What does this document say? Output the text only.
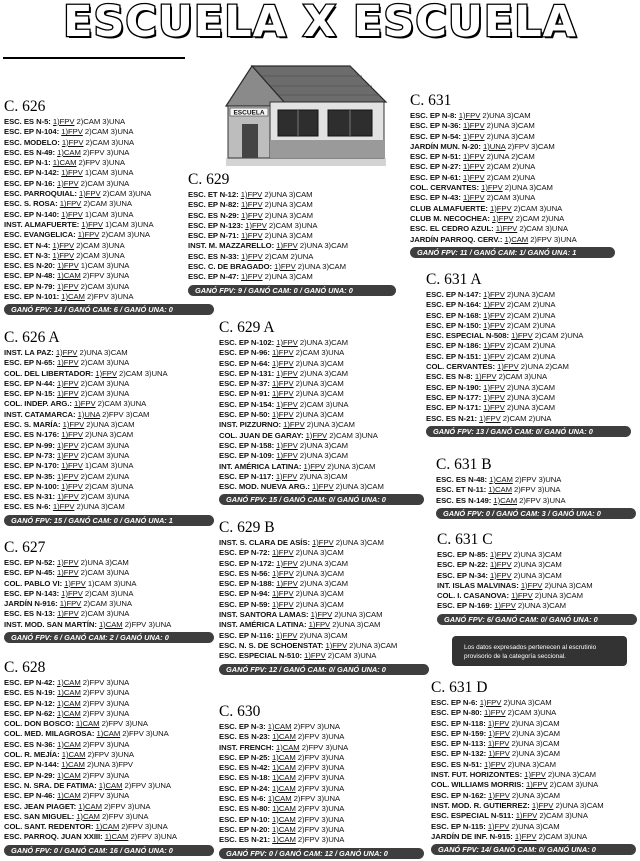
ESCUELA X ESCUELA
ESCUELA
Los datos expresados pertenecen al escrutinio provisorio de la categoría seccional.
C. 626
ESC. ES N-5: 1)FPV 2)CAM 3)UNA
ESC. EP N-104: 1)FPV 2)CAM 3)UNA
ESC. MODELO: 1)FPV 2)CAM 3)UNA
ESC. ES N-49: 1)CAM 2)FPV 3)UNA
ESC. EP N-1: 1)CAM 2)FPV 3)UNA
ESC. EP N-142: 1)FPV 1)CAM 3)UNA
ESC. EP N-16: 1)FPV 2)CAM 3)UNA
ESC. PARROQUIAL: 1)FPV 2)CAM 3)UNA
ESC. S. ROSA: 1)FPV 2)CAM 3)UNA
ESC. EP N-140: 1)FPV 1)CAM 3)UNA
INST. ALMAFUERTE: 1)FPV 1)CAM 3)UNA
ESC. EVANGELICA: 1)FPV 2)CAM 3)UNA
ESC. ET N-4: 1)FPV 2)CAM 3)UNA
ESC. ET N-3: 1)FPV 2)CAM 3)UNA
ESC. ES N-20: 1)FPV 1)CAM 3)UNA
ESC. EP N-48: 1)CAM 2)FPV 3)UNA
ESC. EP N-79: 1)FPV 2)CAM 3)UNA
ESC. EP N-101: 1)CAM 2)FPV 3)UNA
GANÓ FPV: 14 / GANÓ CAM: 6 / GANÓ UNA: 0
C. 626 A
INST. LA PAZ: 1)FPV 2)UNA 3)CAM
ESC. EP N-65: 1)FPV 2)CAM 3)UNA
COL. DEL LIBERTADOR: 1)FPV 2)CAM 3)UNA
ESC. EP N-44: 1)FPV 2)CAM 3)UNA
ESC. EP N-15: 1)FPV 2)CAM 3)UNA
COL. INDEP. ARG.: 1)FPV 2)CAM 3)UNA
INST. CATAMARCA: 1)UNA 2)FPV 3)CAM
ESC. S. MARÍA: 1)FPV 2)UNA 3)CAM
ESC. ES N-176: 1)FPV 2)UNA 3)CAM
ESC. EP N-99: 1)FPV 2)CAM 3)UNA
ESC. EP N-73: 1)FPV 2)CAM 3)UNA
ESC. EP N-170: 1)FPV 1)CAM 3)UNA
ESC. EP N-35: 1)FPV 2)CAM 2)UNA
ESC. EP N-100: 1)FPV 2)CAM 3)UNA
ESC. ES N-31: 1)FPV 2)CAM 3)UNA
ESC. ES N-6: 1)FPV 2)UNA 3)CAM
GANÓ FPV: 15 / GANÓ CAM: 0 / GANÓ UNA: 1
C. 627
ESC. EP N-52: 1)FPV 2)UNA 3)CAM
ESC. EP N-45: 1)FPV 2)CAM 3)UNA
COL. PABLO VI: 1)FPV 1)CAM 3)UNA
ESC. EP N-143: 1)FPV 2)CAM 3)UNA
JARDÍN N-916: 1)FPV 2)CAM 3)UNA
ESC. ES N-13: 1)FPV 2)CAM 3)UNA
INST. MOD. SAN MARTÍN: 1)CAM 2)FPV 3)UNA
GANÓ FPV: 6 / GANÓ CAM: 2 / GANÓ UNA: 0
C. 628
ESC. EP N-42: 1)CAM 2)FPV 3)UNA
ESC. ES N-19: 1)CAM 2)FPV 3)UNA
ESC. EP N-12: 1)CAM 2)FPV 3)UNA
ESC. EP N-62: 1)CAM 2)FPV 3)UNA
COL. DON BOSCO: 1)CAM 2)FPV 3)UNA
COL. MED. MILAGROSA: 1)CAM 2)FPV 3)UNA
ESC. ES N-36: 1)CAM 2)FPV 3)UNA
COL. R. MEJÍA: 1)CAM 2)FPV 3)UNA
ESC. EP N-144: 1)CAM 2)UNA 3)FPV
ESC. EP N-29: 1)CAM 2)FPV 3)UNA
ESC. N. SRA. DE FATIMA: 1)CAM 2)FPV 3)UNA
ESC. EP N-46: 1)CAM 2)FPV 3)UNA
ESC. JEAN PIAGET: 1)CAM 2)FPV 3)UNA
ESC. SAN MIGUEL: 1)CAM 2)FPV 3)UNA
COL. SANT. REDENTOR: 1)CAM 2)FPV 3)UNA
ESC. PARROQ. JUAN XXIII: 1)CAM 2)FPV 3)UNA
GANÓ FPV: 0 / GANÓ CAM: 16 / GANÓ UNA: 0
C. 629
ESC. ET N-12: 1)FPV 2)UNA 3)CAM
ESC. EP N-82: 1)FPV 2)UNA 3)CAM
ESC. ES N-29: 1)FPV 2)UNA 3)CAM
ESC. EP N-123: 1)FPV 2)CAM 3)UNA
ESC. EP N-71: 1)FPV 2)UNA 3)CAM
INST. M. MAZZARELLO: 1)FPV 2)UNA 3)CAM
ESC. ES N-33: 1)FPV 2)CAM 2)UNA
ESC. C. DE BRAGADO: 1)FPV 2)UNA 3)CAM
ESC. EP N-47: 1)FPV 2)UNA 3)CAM
GANÓ FPV: 9 / GANÓ CAM: 0 / GANÓ UNA: 0
C. 629 A
ESC. EP N-102: 1)FPV 2)UNA 3)CAM
ESC. EP N-96: 1)FPV 2)CAM 3)UNA
ESC. EP N-64: 1)FPV 2)UNA 3)CAM
ESC. EP N-131: 1)FPV 2)UNA 3)CAM
ESC. EP N-37: 1)FPV 2)UNA 3)CAM
ESC. EP N-91: 1)FPV 2)UNA 3)CAM
ESC. EP N-154: 1)FPV 2)CAM 3)UNA
ESC. EP N-50: 1)FPV 2)UNA 3)CAM
INST. PIZZURNO: 1)FPV 2)UNA 3)CAM
COL. JUAN DE GARAY: 1)FPV 2)CAM 3)UNA
ESC. EP N-158: 1)FPV 2)UNA 3)CAM
ESC. EP N-109: 1)FPV 2)UNA 3)CAM
INT. AMÉRICA LATINA: 1)FPV 2)UNA 3)CAM
ESC. EP N-117: 1)FPV 2)UNA 3)CAM
ESC. MOD. NUEVA ARG.: 1)FPV 2)UNA 3)CAM
GANÓ FPV: 15 / GANÓ CAM: 0/ GANÓ UNA: 0
C. 629 B
INST. S. CLARA DE ASÍS: 1)FPV 2)UNA 3)CAM
ESC. EP N-72: 1)FPV 2)UNA 3)CAM
ESC. EP N-172: 1)FPV 2)UNA 3)CAM
ESC. ES N-56: 1)FPV 2)UNA 3)CAM
ESC. EP N-188: 1)FPV 2)UNA 3)CAM
ESC. EP N-94: 1)FPV 2)UNA 3)CAM
ESC. EP N-59: 1)FPV 2)UNA 3)CAM
INST. SANTORA LAMAS: 1)FPV 2)UNA 3)CAM
INST. AMÉRICA LATINA: 1)FPV 2)UNA 3)CAM
ESC. EP N-116: 1)FPV 2)UNA 3)CAM
ESC. N. S. DE SCHOENSTAT: 1)FPV 2)UNA 3)CAM
ESC. ESPECIAL N-510: 1)FPV 2)CAM 3)UNA
GANÓ FPV: 12 / GANÓ CAM: 0/ GANÓ UNA: 0
C. 630
ESC. EP N-3: 1)CAM 2)FPV 3)UNA
ESC. ES N-23: 1)CAM 2)FPV 3)UNA
INST. FRENCH: 1)CAM 2)FPV 3)UNA
ESC. EP N-25: 1)CAM 2)FPV 3)UNA
ESC. ES N-42: 1)CAM 2)FPV 3)UNA
ESC. ES N-18: 1)CAM 2)FPV 3)UNA
ESC. EP N-24: 1)CAM 2)FPV 3)UNA
ESC. ES N-6: 1)CAM 2)FPV 3)UNA
ESC. ES N-80: 1)CAM 2)FPV 3)UNA
ESC. EP N-10: 1)CAM 2)FPV 3)UNA
ESC. EP N-20: 1)CAM 2)FPV 3)UNA
ESC. ES N-21: 1)CAM 2)FPV 3)UNA
GANÓ FPV: 0 / GANÓ CAM: 12 / GANÓ UNA: 0
C. 631
ESC. EP N-8: 1)FPV 2)UNA 3)CAM
ESC. EP N-36: 1)FPV 2)UNA 3)CAM
ESC. EP N-54: 1)FPV 2)UNA 3)CAM
JARDÍN MUN. N-20: 1)UNA 2)FPV 3)CAM
ESC. EP N-51: 1)FPV 2)UNA 2)CAM
ESC. EP N-27: 1)FPV 2)CAM 2)UNA
ESC. EP N-61: 1)FPV 2)CAM 2)UNA
COL. CERVANTES: 1)FPV 2)UNA 3)CAM
ESC. EP N-43: 1)FPV 2)CAM 3)UNA
CLUB ALMAFUERTE: 1)FPV 2)CAM 3)UNA
CLUB M. NECOCHEA: 1)FPV 2)CAM 2)UNA
ESC. EL CEDRO AZUL: 1)FPV 2)CAM 3)UNA
JARDÍN PARROQ. CERV.: 1)CAM 2)FPV 3)UNA
GANÓ FPV: 11 / GANÓ CAM: 1/ GANÓ UNA: 1
C. 631 A
ESC. EP N-147: 1)FPV 2)UNA 3)CAM
ESC. EP N-164: 1)FPV 2)CAM 2)UNA
ESC. EP N-168: 1)FPV 2)CAM 2)UNA
ESC. EP N-150: 1)FPV 2)CAM 2)UNA
ESC. ESPECIAL N-508: 1)FPV 2)CAM 2)UNA
ESC. EP N-186: 1)FPV 2)CAM 2)UNA
ESC. EP N-151: 1)FPV 2)CAM 2)UNA
COL. CERVANTES: 1)FPV 2)UNA 2)CAM
ESC. ES N-8: 1)FPV 2)CAM 3)UNA
ESC. EP N-190: 1)FPV 2)UNA 3)CAM
ESC. EP N-177: 1)FPV 2)UNA 3)CAM
ESC. EP N-171: 1)FPV 2)UNA 3)CAM
ESC. ES N-21: 1)FPV 2)CAM 2)UNA
GANÓ FPV: 13 / GANÓ CAM: 0/ GANÓ UNA: 0
C. 631 B
ESC. ES N-48: 1)CAM 2)FPV 3)UNA
ESC. ET N-11: 1)CAM 2)FPV 3)UNA
ESC. ES N-149: 1)CAM 2)FPV 3)UNA
GANÓ FPV: 0 / GANÓ CAM: 3 / GANÓ UNA: 0
C. 631 C
ESC. EP N-85: 1)FPV 2)UNA 3)CAM
ESC. EP N-22: 1)FPV 2)UNA 3)CAM
ESC. EP N-34: 1)FPV 2)UNA 3)CAM
INT. ISLAS MALVINAS: 1)FPV 2)UNA 3)CAM
COL. I. CASANOVA: 1)FPV 2)UNA 3)CAM
ESC. EP N-169: 1)FPV 2)UNA 3)CAM
GANÓ FPV: 6/ GANÓ CAM: 0/ GANÓ UNA: 0
C. 631 D
ESC. EP N-6: 1)FPV 2)UNA 3)CAM
ESC. EP N-80: 1)FPV 2)CAM 3)UNA
ESC. EP N-118: 1)FPV 2)UNA 3)CAM
ESC. EP N-159: 1)FPV 2)UNA 3)CAM
ESC. EP N-113: 1)FPV 2)UNA 3)CAM
ESC. EP N-132: 1)FPV 2)UNA 3)CAM
ESC. ES N-51: 1)FPV 2)UNA 3)CAM
INST. FUT. HORIZONTES: 1)FPV 2)UNA 3)CAM
COL. WILLIAMS MORRIS: 1)FPV 2)CAM 3)UNA
ESC. EP N-162: 1)FPV 2)UNA 3)CAM
INST. MOD. R. GUTIERREZ: 1)FPV 2)UNA 3)CAM
ESC. ESPECIAL N-511: 1)FPV 2)CAM 3)UNA
ESC. EP N-115: 1)FPV 2)UNA 3)CAM
JARDÍN DE INF. N-915: 1)FPV 2)CAM 3)UNA
GANÓ FPV: 14/ GANÓ CAM: 0/ GANÓ UNA: 0
